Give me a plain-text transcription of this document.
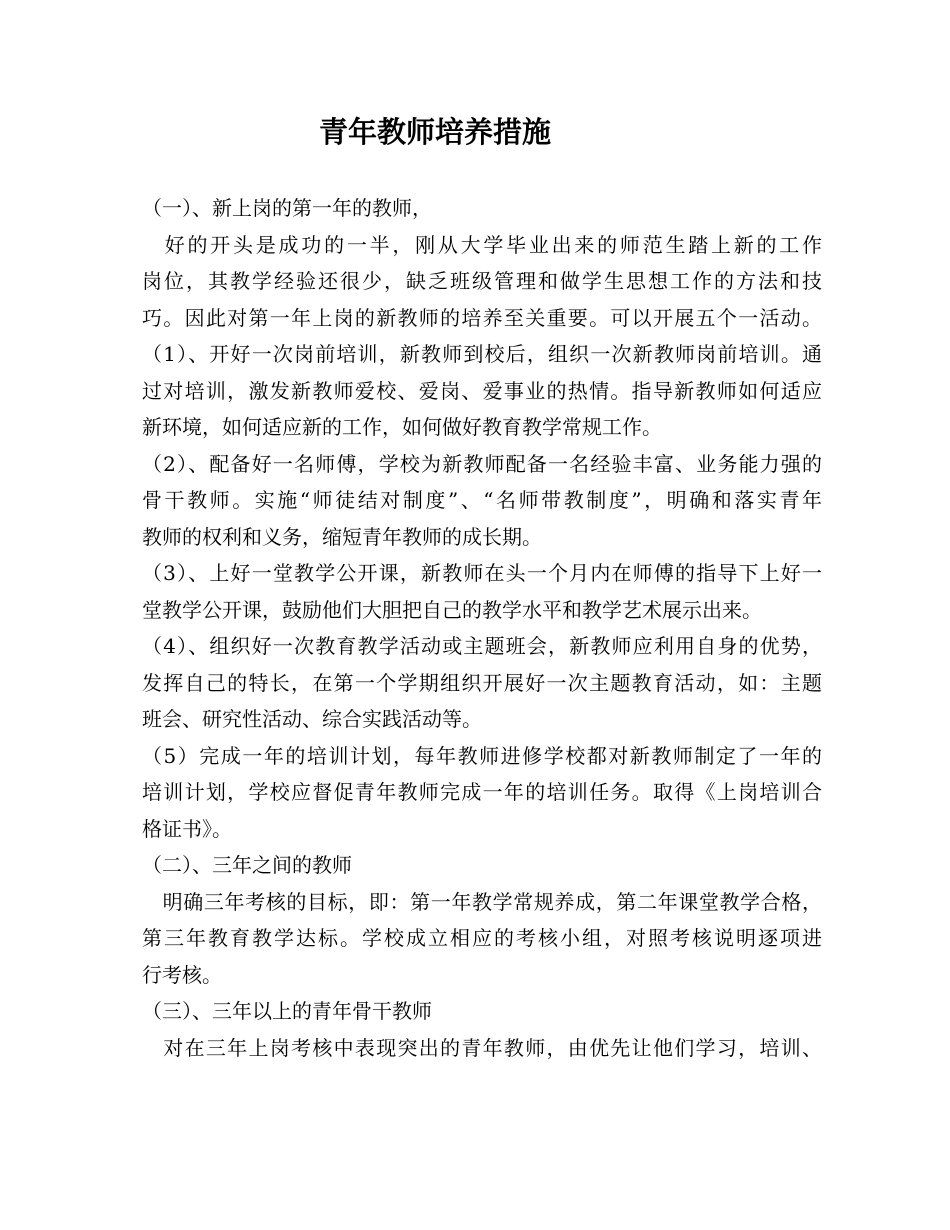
青年教师培养措施
（一）、新上岗的第一年的教师，
　好的开头是成功的一半，刚从大学毕业出来的师范生踏上新的工作
岗位，其教学经验还很少，缺乏班级管理和做学生思想工作的方法和技
巧。因此对第一年上岗的新教师的培养至关重要。可以开展五个一活动。
（1）、开好一次岗前培训，新教师到校后，组织一次新教师岗前培训。通
过对培训，激发新教师爱校、爱岗、爱事业的热情。指导新教师如何适应
新环境，如何适应新的工作，如何做好教育教学常规工作。
（2）、配备好一名师傅，学校为新教师配备一名经验丰富、业务能力强的
骨干教师。实施“师徒结对制度”、“名师带教制度”，明确和落实青年
教师的权利和义务，缩短青年教师的成长期。
（3）、上好一堂教学公开课，新教师在头一个月内在师傅的指导下上好一
堂教学公开课，鼓励他们大胆把自己的教学水平和教学艺术展示出来。
（4）、组织好一次教育教学活动或主题班会，新教师应利用自身的优势，
发挥自己的特长，在第一个学期组织开展好一次主题教育活动，如：主题
班会、研究性活动、综合实践活动等。
（5）完成一年的培训计划，每年教师进修学校都对新教师制定了一年的
培训计划，学校应督促青年教师完成一年的培训任务。取得《上岗培训合
格证书》。
（二）、三年之间的教师
　明确三年考核的目标，即：第一年教学常规养成，第二年课堂教学合格，
第三年教育教学达标。学校成立相应的考核小组，对照考核说明逐项进
行考核。
（三）、三年以上的青年骨干教师
　对在三年上岗考核中表现突出的青年教师，由优先让他们学习，培训、
